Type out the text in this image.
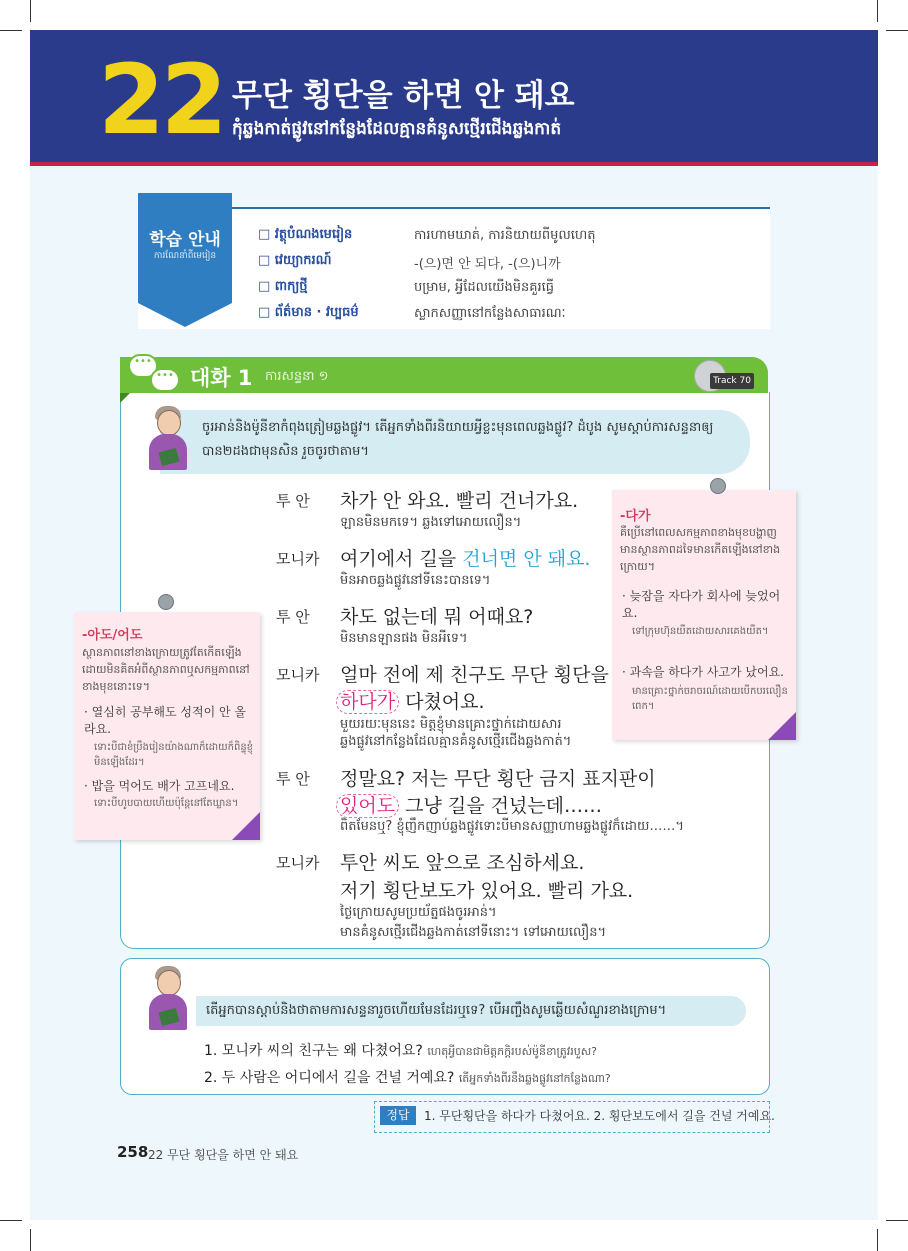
22 무단 횡단을 하면 안 돼요
កុំឆ្លងកាត់ផ្លូវនៅកន្លែងដែលគ្មានគំនូសថ្មើរជើងឆ្លងកាត់
학습 안내
ការណែនាំពីមេរៀន
□ វត្ថុបំណងមេរៀន	ការហាមឃាត់, ការនិយាយពីមូលហេតុ
□ វេយ្យាករណ៍	-(으)면 안 되다, -(으)니까
□ ពាក្យថ្មី	បម្រាម, អ្វីដែលយើងមិនគួរធ្វើ
□ ព័ត៌មាន · វប្បធម៌	ស្លាកសញ្ញានៅកន្លែងសាធារណៈ
•••
••• 대화 1 ការសន្ទនា ១	Track 70
ចូរអាន់និងម៉ូនីខាកំពុងត្រៀមឆ្លងផ្លូវ។ តើអ្នកទាំងពីរនិយាយអ្វីខ្លះមុនពេលឆ្លងផ្លូវ? ដំបូង សូមស្ដាប់ការសន្ទនាឲ្យបាន២ដងជាមុនសិន រួចចូរថាតាម។
투 안 차가 안 와요. 빨리 건너가요.
ឡានមិនមកទេ។ ឆ្លងទៅអោយលឿន។
모니카 여기에서 길을 건너면 안 돼요.
មិនអាចឆ្លងផ្លូវនៅទីនេះបានទេ។
투 안 차도 없는데 뭐 어때요?
មិនមានឡានផង មិនអីទេ។
모니카 얼마 전에 제 친구도 무단 횡단을
하다가 다쳤어요.
មួយរយៈមុននេះ មិត្តខ្ញុំមានគ្រោះថ្នាក់ដោយសារ
ឆ្លងផ្លូវនៅកន្លែងដែលគ្មានគំនូសថ្មើរជើងឆ្លងកាត់។
투 안 정말요? 저는 무단 횡단 금지 표지판이
있어도 그냥 길을 건넜는데……
ពិតមែនឬ? ខ្ញុំញឹកញាប់ឆ្លងផ្លូវទោះបីមានសញ្ញាហាមឆ្លងផ្លូវក៏ដោយ……។
모니카 투안 씨도 앞으로 조심하세요.
저기 횡단보도가 있어요. 빨리 가요.
ថ្ងៃក្រោយសូមប្រយ័ត្នផងចូរអាន់។
មានគំនូសថ្មើរជើងឆ្លងកាត់នៅទីនោះ។ ទៅអោយលឿន។
-다가
គឺប្រើនៅពេលសកម្មភាពខាងមុខបង្ហាញមានស្ថានភាពដទៃមានកើតឡើងនៅខាងក្រោយ។
· 늦잠을 자다가 회사에 늦었어요.
ទៅក្រុមហ៊ុនយឺតដោយសារគេងយឺត។
· 과속을 하다가 사고가 났어요.
មានគ្រោះថ្នាក់ចរាចរណ៍ដោយបើកបរលឿនពេក។
-아도/어도
ស្ថានភាពនៅខាងក្រោយត្រូវតែកើតឡើងដោយមិនគិតអំពីស្ថានភាពឬសកម្មភាពនៅខាងមុខនោះទេ។
· 열심히 공부해도 성적이 안 올라요.
ទោះបីជាខំប្រឹងរៀនយ៉ាងណាក៏ដោយក៏ពិន្ទុខ្ញុំមិនឡើងដែរ។
· 밥을 먹어도 배가 고프네요.
ទោះបីហូបបាយហើយប៉ុន្តែនៅតែឃ្លាន។
តើអ្នកបានស្ដាប់និងថាតាមការសន្ទនារួចហើយមែនដែរឬទេ? បើអញ្ចឹងសូមឆ្លើយសំណួរខាងក្រោម។
1. 모니카 씨의 친구는 왜 다쳤어요? ហេតុអ្វីបានជាមិត្តភក្ដិរបស់ម៉ូនីខាត្រូវរបួស?
2. 두 사람은 어디에서 길을 건널 거예요? តើអ្នកទាំងពីរនឹងឆ្លងផ្លូវនៅកន្លែងណា?
정답	1. 무단횡단을 하다가 다쳤어요. 2. 횡단보도에서 길을 건널 거예요.
258 22 무단 횡단을 하면 안 돼요
